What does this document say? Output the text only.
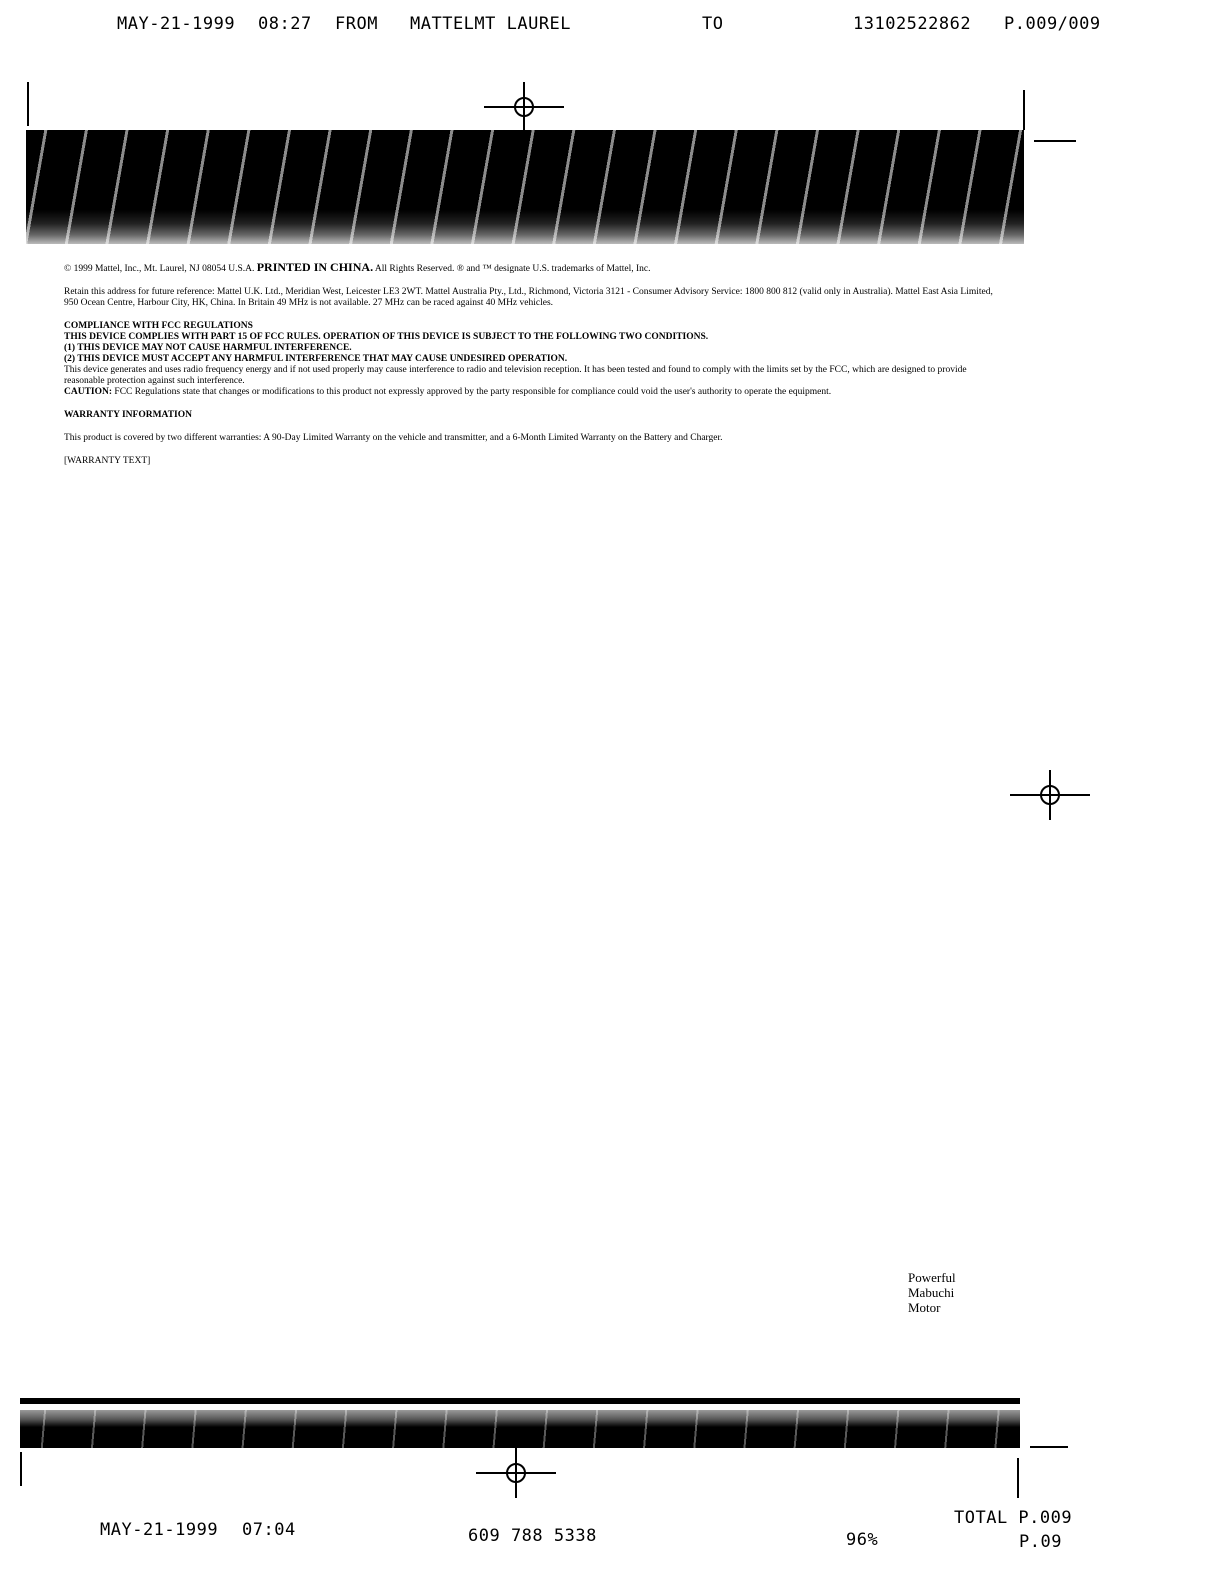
MAY-21-1999 08:27 FROM MATTELMT LAUREL	TO	13102522862 P.009/009

© 1999 Mattel, Inc., Mt. Laurel, NJ 08054 U.S.A. PRINTED IN CHINA. All Rights Reserved. ® and ™ designate U.S. trademarks of Mattel, Inc.

Retain this address for future reference: Mattel U.K. Ltd., Meridian West, Leicester LE3 2WT. Mattel Australia Pty., Ltd., Richmond, Victoria 3121 - Consumer Advisory Service: 1800 800 812 (valid only in Australia). Mattel East Asia Limited, 950 Ocean Centre, Harbour City, HK, China. In Britain 49 MHz is not available. 27 MHz can be raced against 40 MHz vehicles.

COMPLIANCE WITH FCC REGULATIONS

THIS DEVICE COMPLIES WITH PART 15 OF FCC RULES. OPERATION OF THIS DEVICE IS SUBJECT TO THE FOLLOWING TWO CONDITIONS.

(1) THIS DEVICE MAY NOT CAUSE HARMFUL INTERFERENCE.

(2) THIS DEVICE MUST ACCEPT ANY HARMFUL INTERFERENCE THAT MAY CAUSE UNDESIRED OPERATION.

This device generates and uses radio frequency energy and if not used properly may cause interference to radio and television reception. It has been tested and found to comply with the limits set by the FCC, which are designed to provide reasonable protection against such interference.

CAUTION: FCC Regulations state that changes or modifications to this product not expressly approved by the party responsible for compliance could void the user's authority to operate the equipment.

WARRANTY INFORMATION

This product is covered by two different warranties: A 90-Day Limited Warranty on the vehicle and transmitter, and a 6-Month Limited Warranty on the Battery and Charger.

[WARRANTY TEXT]

Powerful
Mabuchi
Motor
MAY-21-1999 07:04	609 788 5338	96%
TOTAL P.009
P.09
